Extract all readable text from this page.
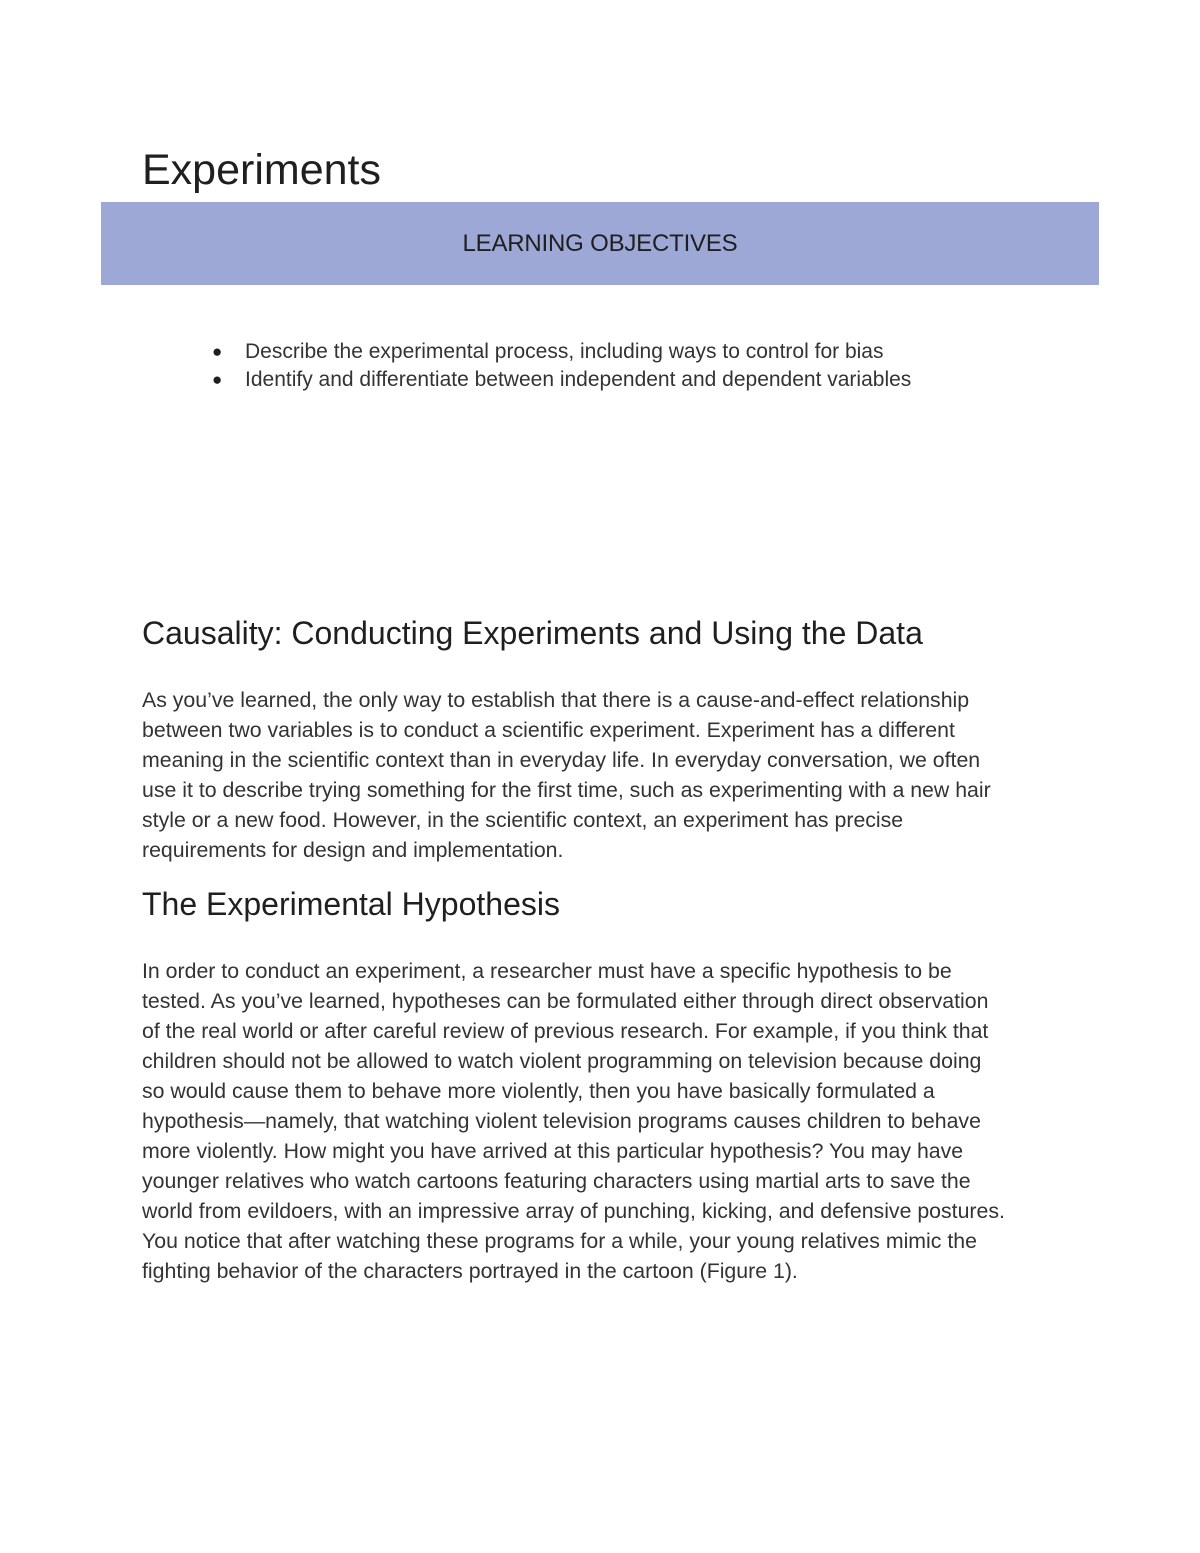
Experiments
LEARNING OBJECTIVES
● Describe the experimental process, including ways to control for bias
● Identify and differentiate between independent and dependent variables
Causality: Conducting Experiments and Using the Data

As you’ve learned, the only way to establish that there is a cause-and-effect relationship
between two variables is to conduct a scientific experiment. Experiment has a different
meaning in the scientific context than in everyday life. In everyday conversation, we often
use it to describe trying something for the first time, such as experimenting with a new hair
style or a new food. However, in the scientific context, an experiment has precise
requirements for design and implementation.

The Experimental Hypothesis

In order to conduct an experiment, a researcher must have a specific hypothesis to be
tested. As you’ve learned, hypotheses can be formulated either through direct observation
of the real world or after careful review of previous research. For example, if you think that
children should not be allowed to watch violent programming on television because doing
so would cause them to behave more violently, then you have basically formulated a
hypothesis—namely, that watching violent television programs causes children to behave
more violently. How might you have arrived at this particular hypothesis? You may have
younger relatives who watch cartoons featuring characters using martial arts to save the
world from evildoers, with an impressive array of punching, kicking, and defensive postures.
You notice that after watching these programs for a while, your young relatives mimic the
fighting behavior of the characters portrayed in the cartoon (Figure 1).
